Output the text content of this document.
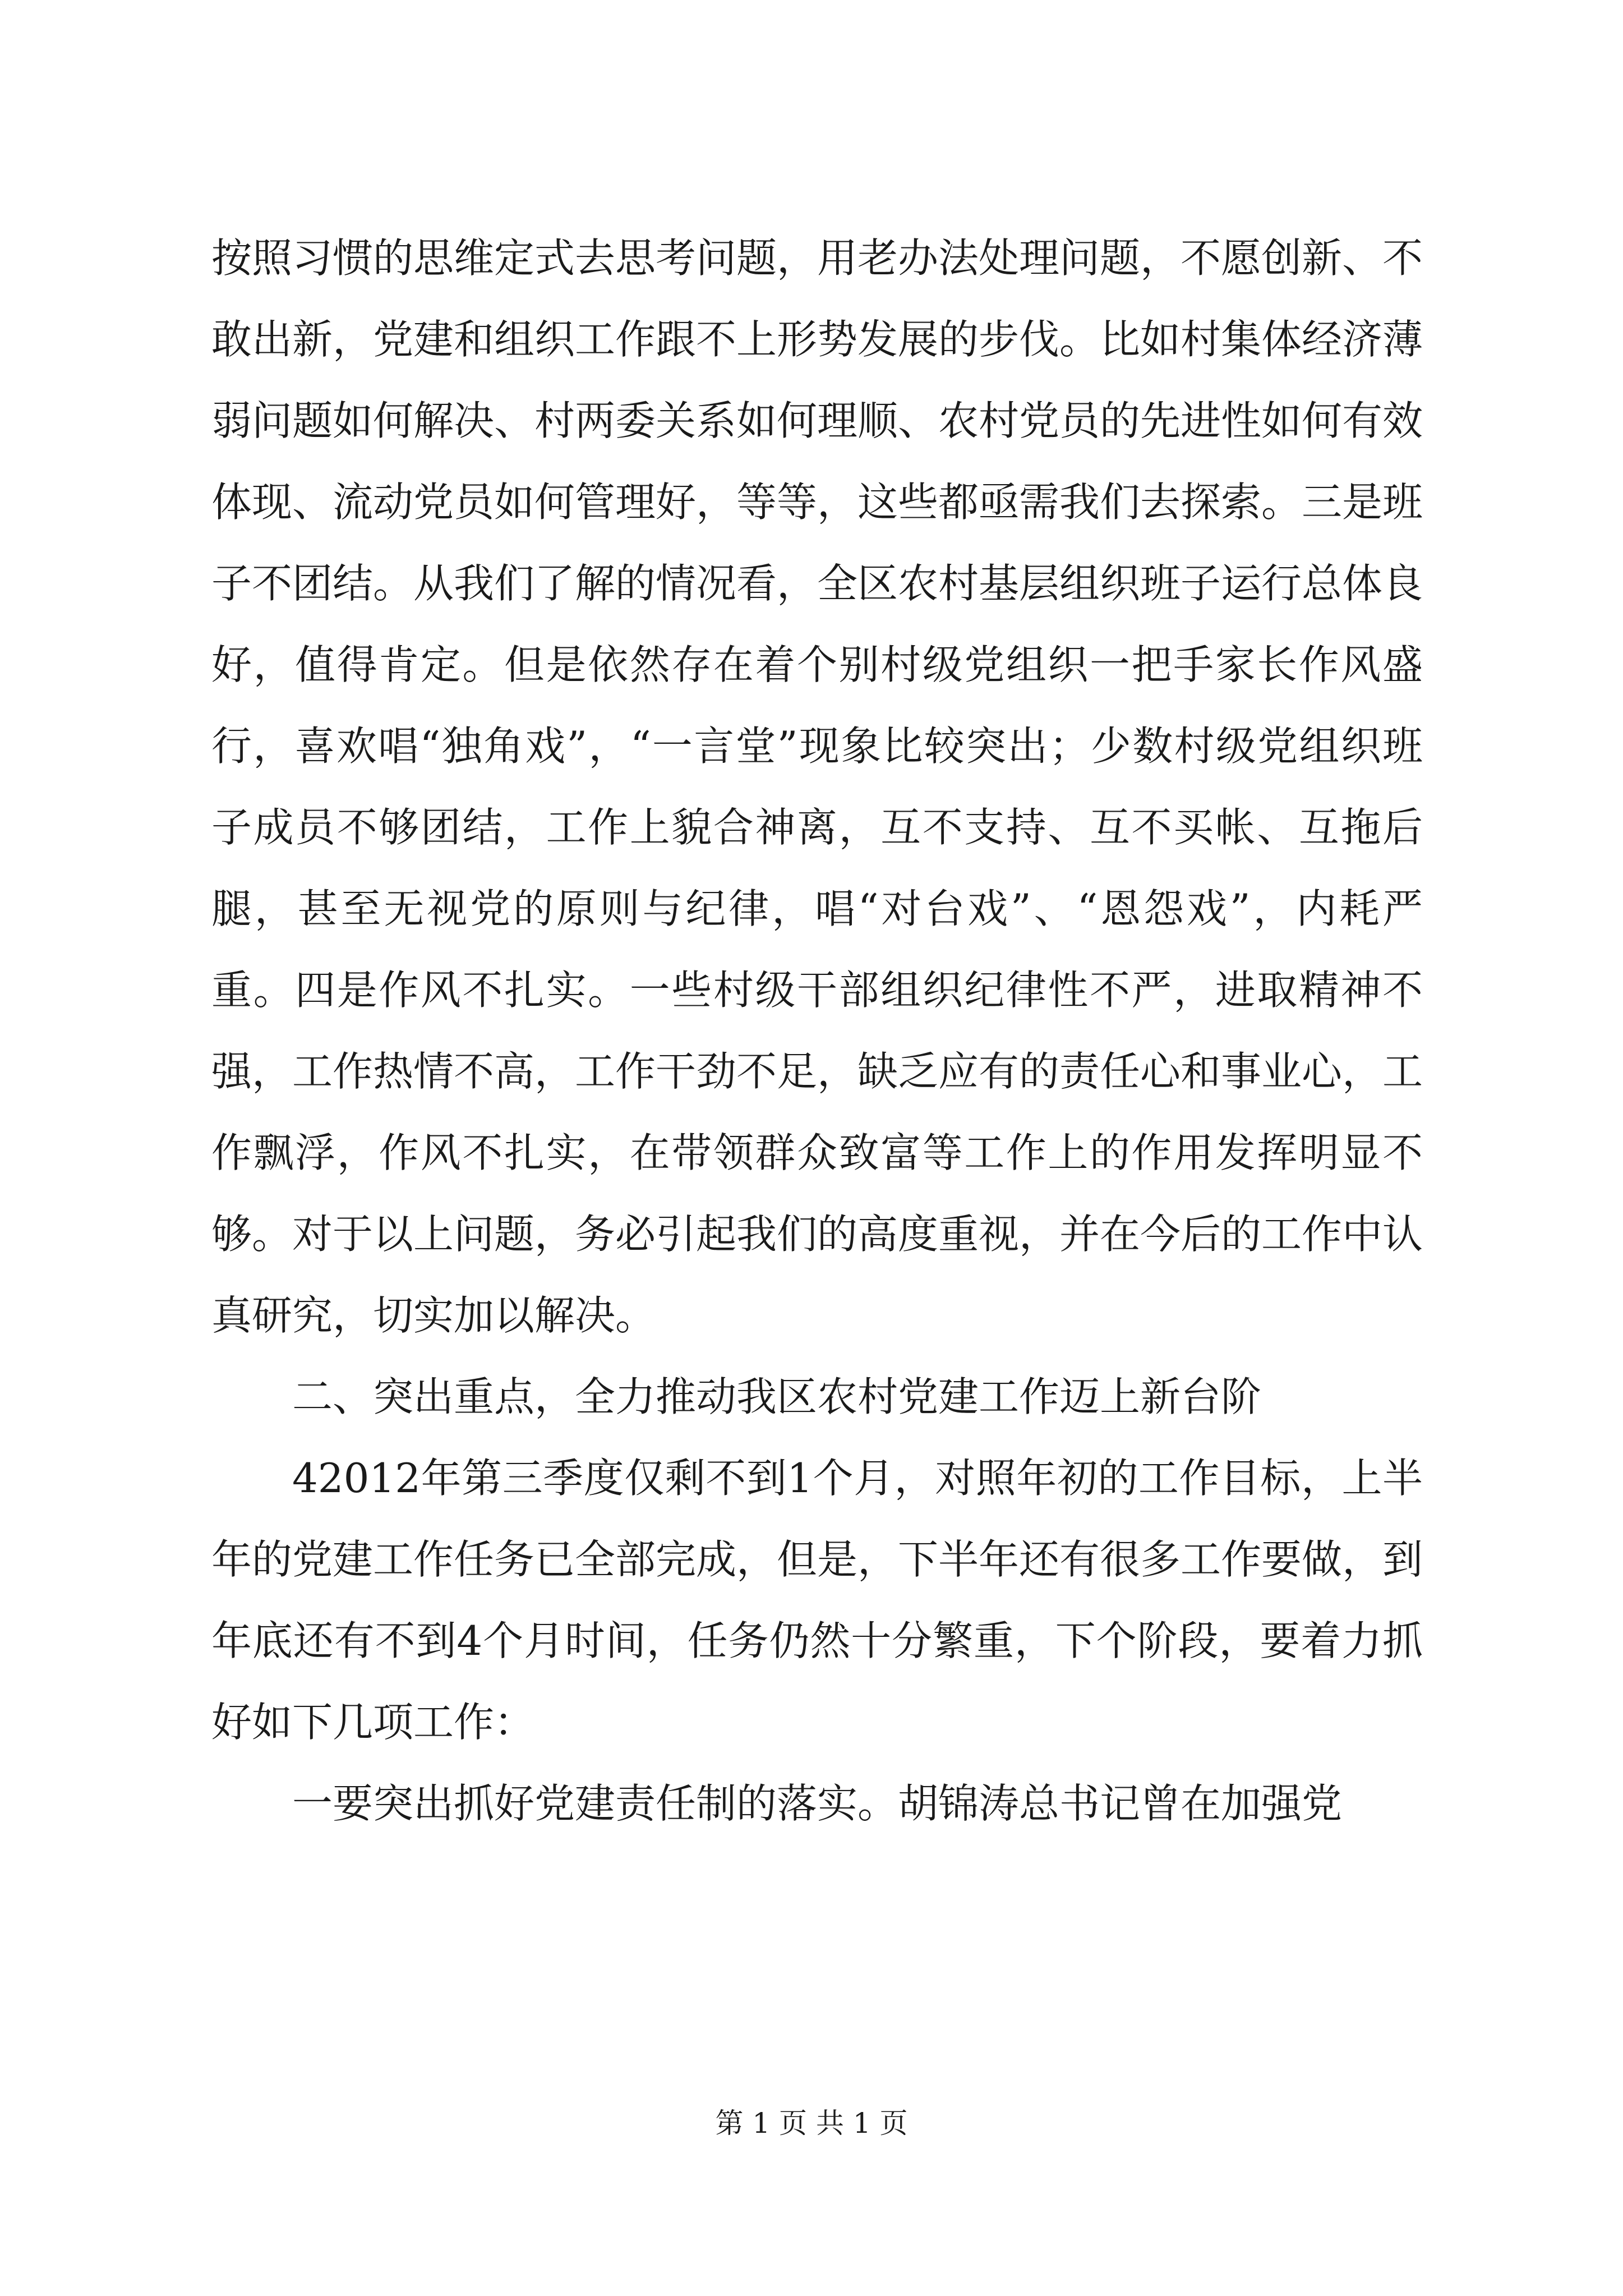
按照习惯的思维定式去思考问题，用老办法处理问题，不愿创新、不敢出新，党建和组织工作跟不上形势发展的步伐。比如村集体经济薄弱问题如何解决、村两委关系如何理顺、农村党员的先进性如何有效体现、流动党员如何管理好，等等，这些都亟需我们去探索。三是班子不团结。从我们了解的情况看，全区农村基层组织班子运行总体良好，值得肯定。但是依然存在着个别村级党组织一把手家长作风盛行，喜欢唱“独角戏”，“一言堂”现象比较突出；少数村级党组织班子成员不够团结，工作上貌合神离，互不支持、互不买帐、互拖后腿，甚至无视党的原则与纪律，唱“对台戏”、“恩怨戏”，内耗严重。四是作风不扎实。一些村级干部组织纪律性不严，进取精神不强，工作热情不高，工作干劲不足，缺乏应有的责任心和事业心，工作飘浮，作风不扎实，在带领群众致富等工作上的作用发挥明显不够。对于以上问题，务必引起我们的高度重视，并在今后的工作中认真研究，切实加以解决。

二、突出重点，全力推动我区农村党建工作迈上新台阶

42012年第三季度仅剩不到1个月，对照年初的工作目标，上半年的党建工作任务已全部完成，但是，下半年还有很多工作要做，到年底还有不到4个月时间，任务仍然十分繁重，下个阶段，要着力抓好如下几项工作：

一要突出抓好党建责任制的落实。胡锦涛总书记曾在加强党

第 1 页 共 1 页
